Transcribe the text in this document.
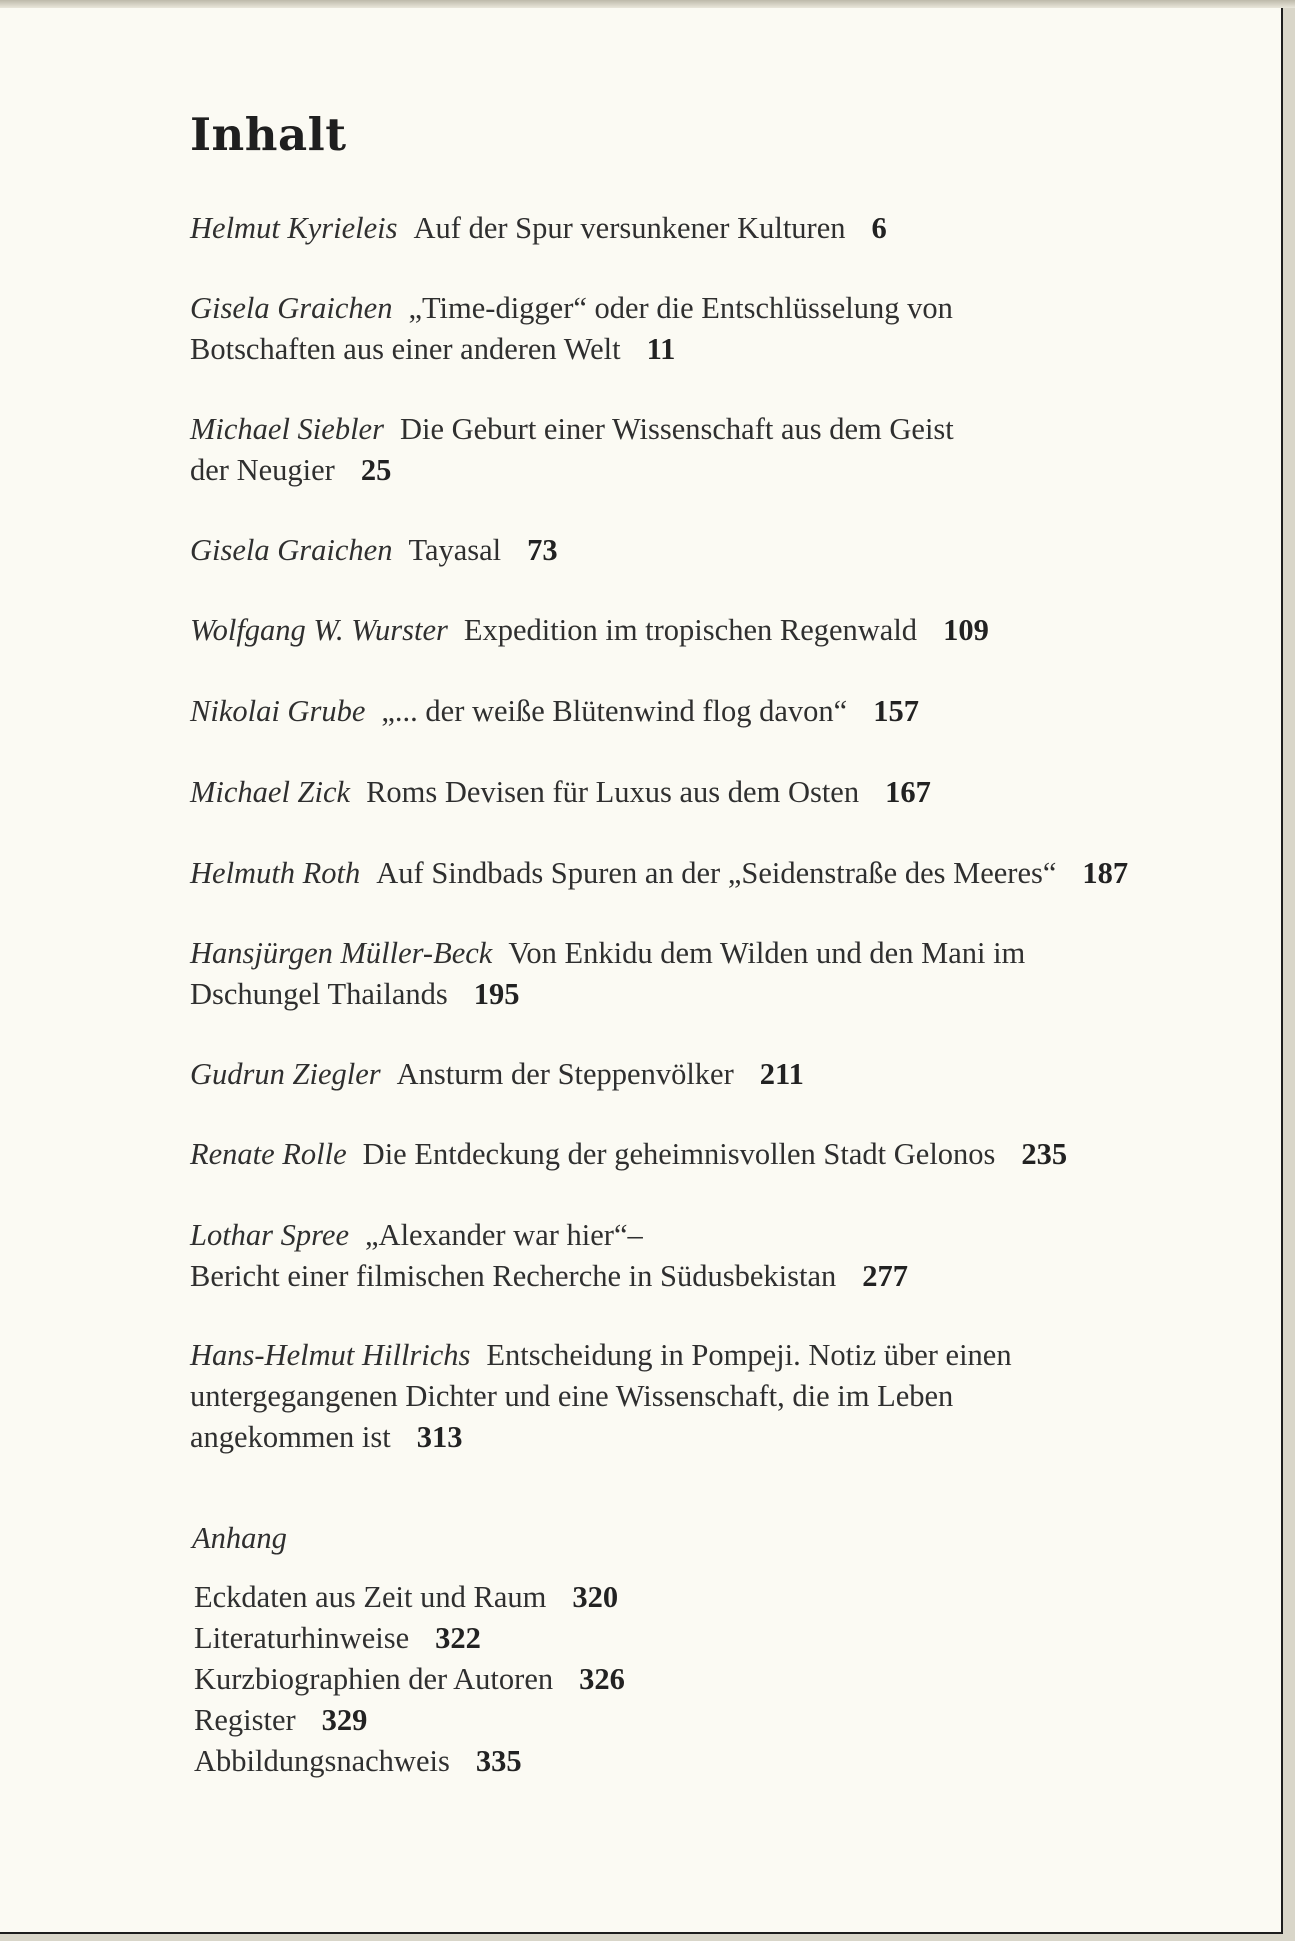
Inhalt
Helmut Kyrieleis Auf der Spur versunkener Kulturen 6
Gisela Graichen „Time-digger“ oder die Entschlüsselung von
Botschaften aus einer anderen Welt 11
Michael Siebler Die Geburt einer Wissenschaft aus dem Geist
der Neugier 25
Gisela Graichen Tayasal 73
Wolfgang W. Wurster Expedition im tropischen Regenwald 109
Nikolai Grube „... der weiße Blütenwind flog davon“ 157
Michael Zick Roms Devisen für Luxus aus dem Osten 167
Helmuth Roth Auf Sindbads Spuren an der „Seidenstraße des Meeres“ 187
Hansjürgen Müller-Beck Von Enkidu dem Wilden und den Mani im
Dschungel Thailands 195
Gudrun Ziegler Ansturm der Steppenvölker 211
Renate Rolle Die Entdeckung der geheimnisvollen Stadt Gelonos 235
Lothar Spree „Alexander war hier“–
Bericht einer filmischen Recherche in Südusbekistan 277
Hans-Helmut Hillrichs Entscheidung in Pompeji. Notiz über einen
untergegangenen Dichter und eine Wissenschaft, die im Leben
angekommen ist 313
Anhang
Eckdaten aus Zeit und Raum 320
Literaturhinweise 322
Kurzbiographien der Autoren 326
Register 329
Abbildungsnachweis 335
